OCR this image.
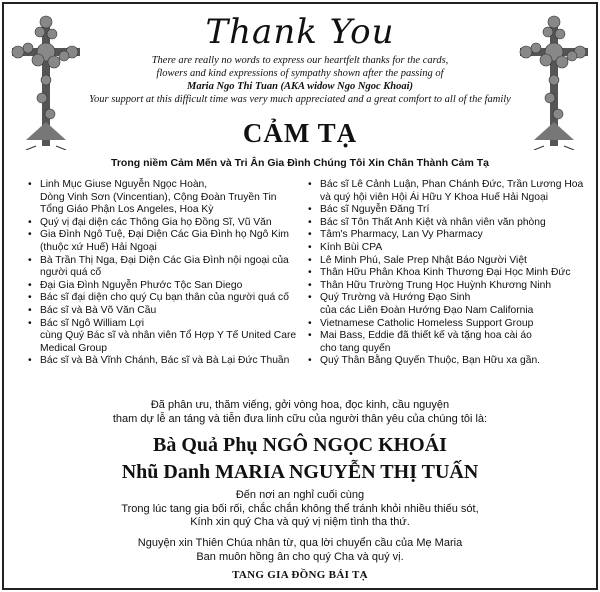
Thank You
There are really no words to express our heartfelt thanks for the cards,
flowers and kind expressions of sympathy shown after the passing of
Maria Ngo Thi Tuan (AKA widow Ngo Ngoc Khoai)
Your support at this difficult time was very much appreciated and a great comfort to all of the family
CẢM TẠ
Trong niềm Cảm Mến và Tri Ân Gia Đình Chúng Tôi Xin Chân Thành Cảm Tạ
• Linh Mục Giuse Nguyễn Ngọc Hoàn,
Dòng Vinh Sơn (Vincentian), Cộng Đoàn Truyền Tin
Tổng Giáo Phận Los Angeles, Hoa Kỳ
• Quý vị đại diện các Thông Gia họ Đồng Sĩ, Vũ Văn
• Gia Đình Ngô Tuệ, Đại Diện Các Gia Đình họ Ngô Kim
(thuộc xứ Huế) Hải Ngoại
• Bà Trần Thị Nga, Đại Diện Các Gia Đình nội ngoại của
người quá cố
• Đại Gia Đình Nguyễn Phước Tộc San Diego
• Bác sĩ đại diện cho quý Cụ bạn thân của người quá cố
• Bác sĩ và Bà Võ Văn Cầu
• Bác sĩ Ngô William Lợi
cùng Quý Bác sĩ và nhân viên Tổ Hợp Y Tế United Care
Medical Group
• Bác sĩ và Bà Vĩnh Chánh, Bác sĩ và Bà Lại Đức Thuần
• Bác sĩ Lê Cảnh Luận, Phan Chánh Đức, Trần Lương Hoa
và quý hội viên Hội Ái Hữu Y Khoa Huế Hải Ngoại
• Bác sĩ Nguyễn Đăng Trí
• Bác sĩ Tôn Thất Anh Kiệt và nhân viên văn phòng
• Tâm's Pharmacy, Lan Vy Pharmacy
• Kính Bùi CPA
• Lê Minh Phú, Sale Prep Nhật Báo Người Việt
• Thân Hữu Phân Khoa Kinh Thương Đại Học Minh Đức
• Thân Hữu Trường Trung Học Huỳnh Khương Ninh
• Quý Trường và Hướng Đạo Sinh
của các Liên Đoàn Hướng Đạo Nam California
• Vietnamese Catholic Homeless Support Group
• Mai Bass, Eddie đã thiết kế và tặng hoa cài áo
cho tang quyến
• Quý Thân Bằng Quyến Thuộc, Bạn Hữu xa gần.
Đã phân ưu, thăm viếng, gởi vòng hoa, đọc kinh, cầu nguyện
tham dự lễ an táng và tiễn đưa linh cữu của người thân yêu của chúng tôi là:
Bà Quả Phụ NGÔ NGỌC KHOÁI
Nhũ Danh MARIA NGUYỄN THỊ TUẤN
Đến nơi an nghỉ cuối cùng
Trong lúc tang gia bối rối, chắc chắn không thể tránh khỏi nhiều thiếu sót,
Kính xin quý Cha và quý vị niệm tình tha thứ.
Nguyện xin Thiên Chúa nhân từ, qua lời chuyển cầu của Mẹ Maria
Ban muôn hồng ân cho quý Cha và quý vị.
TANG GIA ĐỒNG BÁI TẠ
